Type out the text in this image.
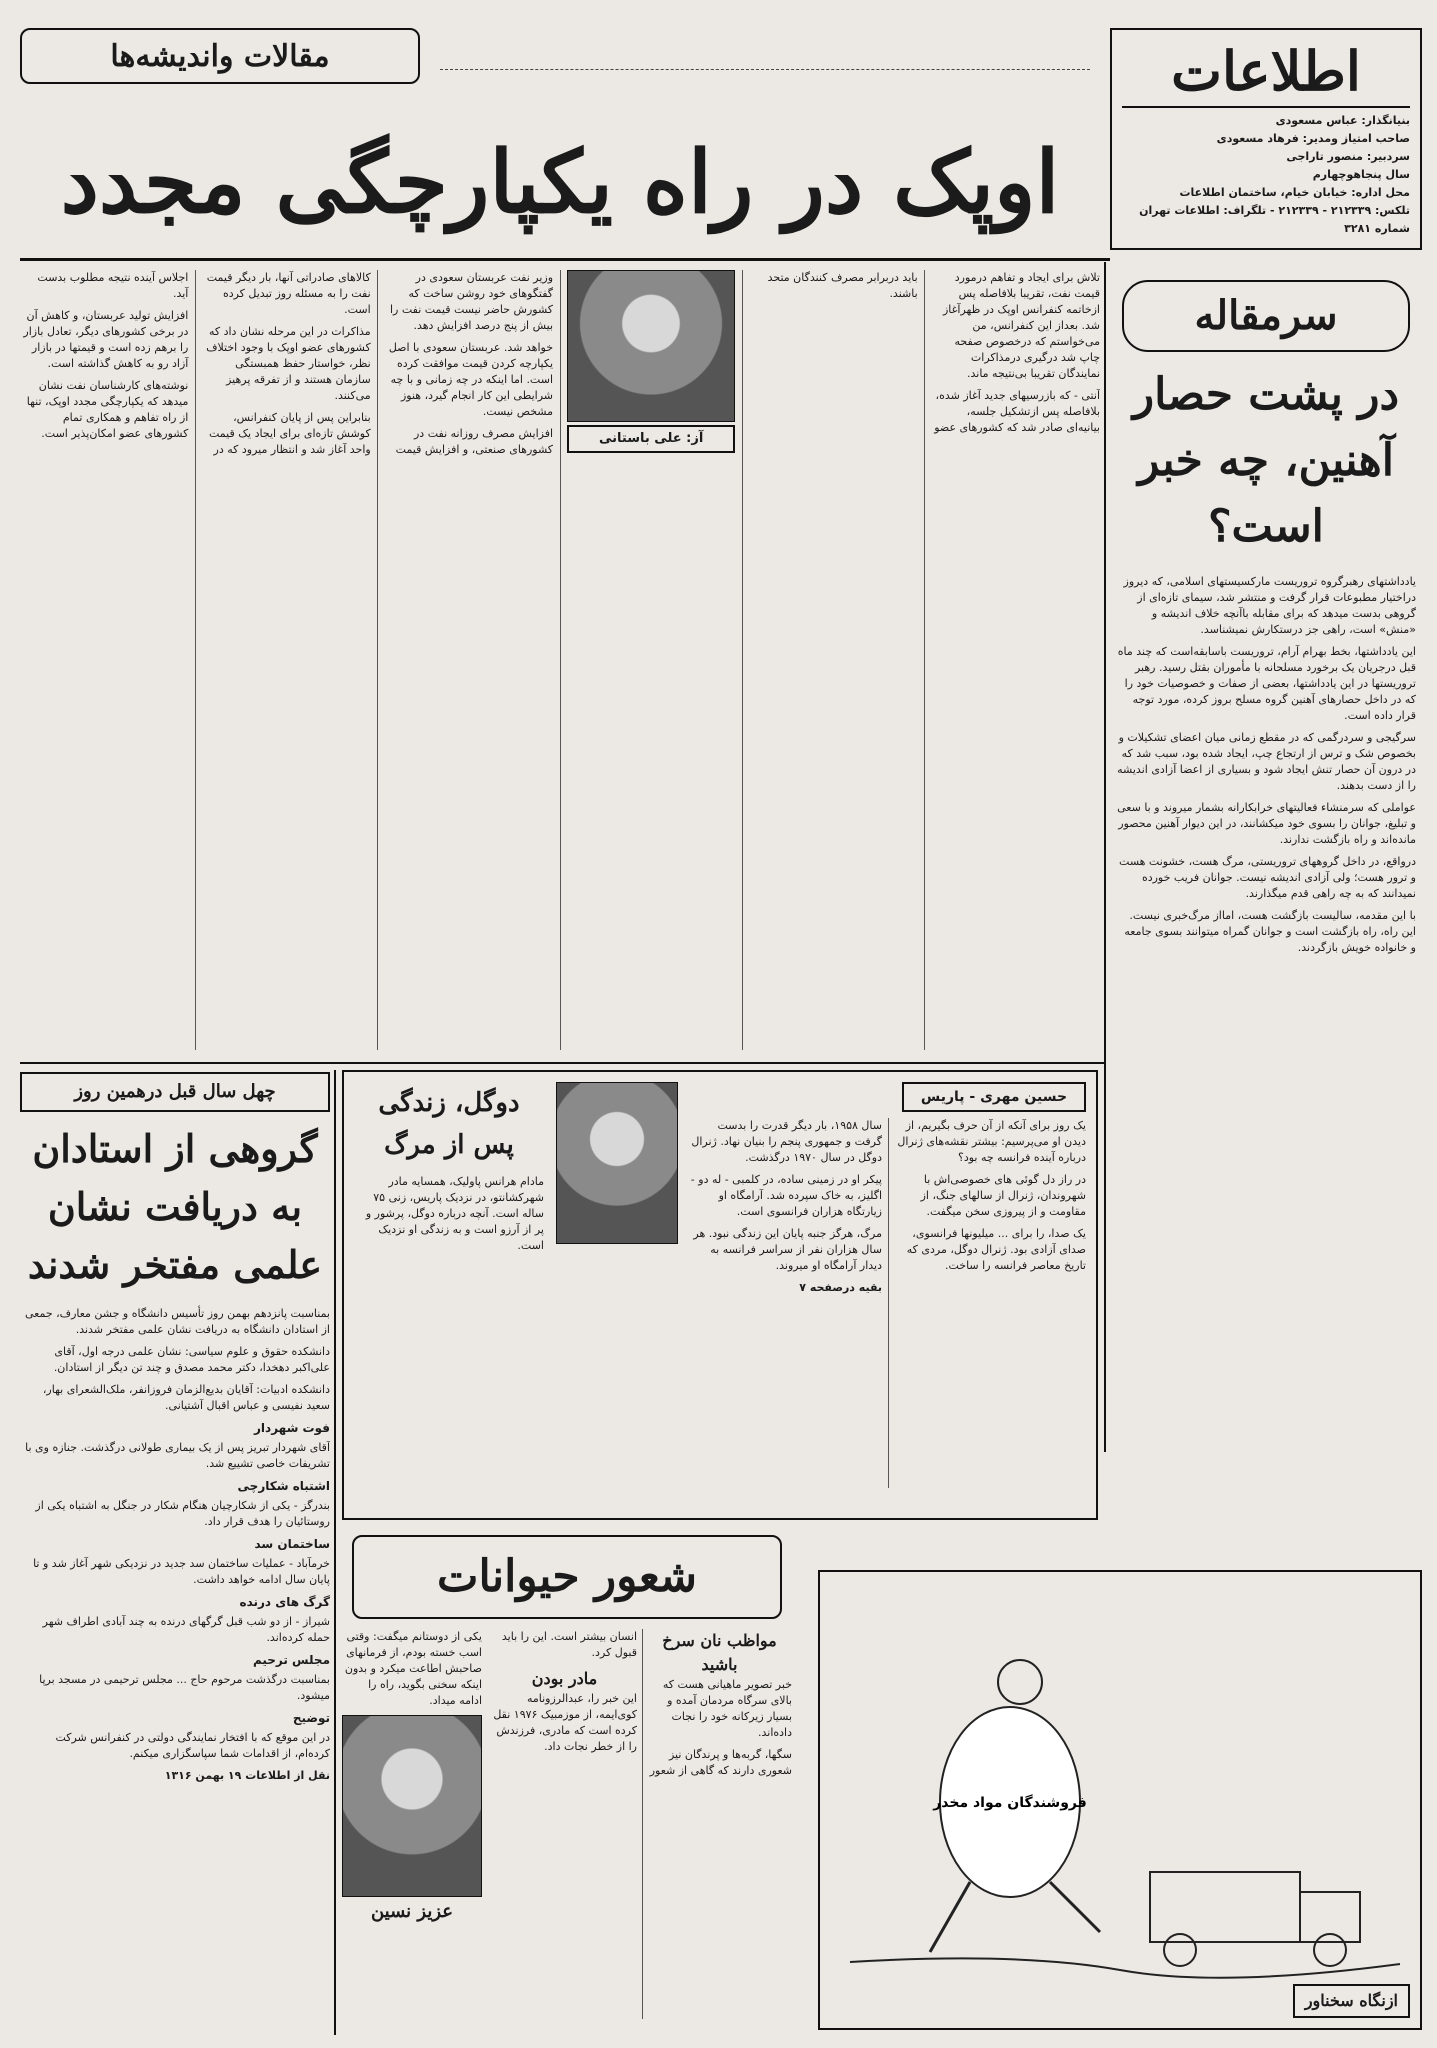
اطلاعات
بنیانگذار: عباس مسعودی
صاحب امتیاز ومدیر: فرهاد مسعودی
سردبیر: منصور تاراجی
سال پنجاهوچهارم
محل اداره: خیابان خیام، ساختمان اطلاعات
تلکس: ۲۱۲۳۳۹ - ۲۱۲۳۳۹ - تلگراف: اطلاعات تهران
شماره ۳۲۸۱
مقالات واندیشه‌ها
اوپک در راه یکپارچگی مجدد
سرمقاله
در پشت حصار آهنین، چه خبر است؟

یادداشتهای رهبرگروه تروریست مارکسیستهای اسلامی، که دیروز دراختیار مطبوعات قرار گرفت و منتشر شد، سیمای تازه‌ای از گروهی بدست میدهد که برای مقابله باآنچه خلاف اندیشه و «منش» است، راهی جز درستکارش نمیشناسد.

این یادداشتها، بخط بهرام آرام، تروریست باسابقه‌است که چند ماه قبل درجریان یک برخورد مسلحانه با مأموران بقتل رسید. رهبر تروریستها در این یادداشتها، بعضی از صفات و خصوصیات خود را که در داخل حصارهای آهنین گروه مسلح بروز کرده، مورد توجه قرار داده است.

سرگیجی و سردرگمی که در مقطع زمانی میان اعضای تشکیلات و بخصوص شک و ترس از ارتجاع چپ، ایجاد شده بود، سبب شد که در درون آن حصار تنش ایجاد شود و بسیاری از اعضا آزادی اندیشه را از دست بدهند.

عواملی که سرمنشاء فعالیتهای خرابکارانه بشمار میروند و با سعی و تبلیغ، جوانان را بسوی خود میکشانند، در این دیوار آهنین محصور مانده‌اند و راه بازگشت ندارند.

درواقع، در داخل گروههای تروریستی، مرگ هست، خشونت هست و ترور هست؛ ولی آزادی اندیشه نیست. جوانان فریب خورده نمیدانند که به چه راهی قدم میگذارند.

با این مقدمه، سالیست بازگشت هست، امااز مرگ‌خبری نیست. این راه، راه بازگشت است و جوانان گمراه میتوانند بسوی جامعه و خانواده خویش بازگردند.

تلاش برای ایجاد و تفاهم درمورد قیمت نفت، تقریبا بلافاصله پس ازخاتمه کنفرانس اوپک در ظهرآغاز شد. بعداز این کنفرانس، من می‌خواستم که درخصوص صفحه چاپ شد درگیری درمذاکرات نمایندگان تقریبا بی‌نتیجه ماند.

آنتی - که بازرسیهای جدید آغاز شده، بلافاصله پس ازتشکیل جلسه، بیانیه‌ای صادر شد که کشورهای عضو باید دربرابر مصرف کنندگان متحد باشند.

آز: علی باستانی

وزیر نفت عربستان سعودی در گفتگوهای خود روشن ساخت که کشورش حاضر نیست قیمت نفت را بیش از پنج درصد افزایش دهد.

خواهد شد. عربستان سعودی با اصل یکپارچه کردن قیمت موافقت کرده است. اما اینکه در چه زمانی و با چه شرایطی این کار انجام گیرد، هنوز مشخص نیست.

افزایش مصرف روزانه نفت در کشورهای صنعتی، و افزایش قیمت کالاهای صادراتی آنها، بار دیگر قیمت نفت را به مسئله روز تبدیل کرده است.

مذاکرات در این مرحله نشان داد که کشورهای عضو اوپک با وجود اختلاف نظر، خواستار حفظ همبستگی سازمان هستند و از تفرقه پرهیز می‌کنند.

بنابراین پس از پایان کنفرانس، کوشش تازه‌ای برای ایجاد یک قیمت واحد آغاز شد و انتظار میرود که در اجلاس آینده نتیجه مطلوب بدست آید.

افزایش تولید عربستان، و کاهش آن در برخی کشورهای دیگر، تعادل بازار را برهم زده است و قیمتها در بازار آزاد رو به کاهش گذاشته است.

نوشته‌های کارشناسان نفت نشان میدهد که یکپارچگی مجدد اوپک، تنها از راه تفاهم و همکاری تمام کشورهای عضو امکان‌پذیر است.

چهل سال قبل درهمین روز
گروهی از استادان به دریافت نشان علمی مفتخر شدند

بمناسبت پانزدهم بهمن روز تأسیس دانشگاه و جشن معارف، جمعی از استادان دانشگاه به دریافت نشان علمی مفتخر شدند.

دانشکده حقوق و علوم سیاسی: نشان علمی درجه اول، آقای علی‌اکبر دهخدا، دکتر محمد مصدق و چند تن دیگر از استادان.

دانشکده ادبیات: آقایان بدیع‌الزمان فروزانفر، ملک‌الشعرای بهار، سعید نفیسی و عباس اقبال آشتیانی.

فوت شهردار

آقای شهردار تبریز پس از یک بیماری طولانی درگذشت. جنازه وی با تشریفات خاصی تشییع شد.

اشتباه شکارچی

بندرگز - یکی از شکارچیان هنگام شکار در جنگل به اشتباه یکی از روستائیان را هدف قرار داد.

ساختمان سد

خرمآباد - عملیات ساختمان سد جدید در نزدیکی شهر آغاز شد و تا پایان سال ادامه خواهد داشت.

گرگ های درنده

شیراز - از دو شب قبل گرگهای درنده به چند آبادی اطراف شهر حمله کرده‌اند.

مجلس ترحیم

بمناسبت درگذشت مرحوم حاج ... مجلس ترحیمی در مسجد برپا میشود.

توضیح

در این موقع که با افتخار نمایندگی دولتی در کنفرانس شرکت کرده‌ام، از اقدامات شما سپاسگزاری میکنم.

نقل از اطلاعات ۱۹ بهمن ۱۳۱۶

دوگل، زندگی پس از مرگ
مادام هرانس پاولیک، همسایه مادر شهرکشانتو، در نزدیک پاریس، زنی ۷۵ ساله است. آنچه درباره دوگل، پرشور و پر از آرزو است و به زندگی او نزدیک است.
حسین مهری - پاریس

یک روز برای آنکه از آن حرف بگیریم، از دیدن او می‌پرسیم: بیشتر نقشه‌های ژنرال درباره آینده فرانسه چه بود؟

در راز دل گوئی های خصوصی‌اش با شهروندان، ژنرال از سالهای جنگ، از مقاومت و از پیروزی سخن میگفت.

یک صدا، را برای ... میلیونها فرانسوی، صدای آزادی بود. ژنرال دوگل، مردی که تاریخ معاصر فرانسه را ساخت.

سال ۱۹۵۸، بار دیگر قدرت را بدست گرفت و جمهوری پنجم را بنیان نهاد. ژنرال دوگل در سال ۱۹۷۰ درگذشت.

پیکر او در زمینی ساده، در کلمبی - له دو - اگلیز، به خاک سپرده شد. آرامگاه او زیارتگاه هزاران فرانسوی است.

مرگ، هرگز جنبه پایان این زندگی نبود. هر سال هزاران نفر از سراسر فرانسه به دیدار آرامگاه او میروند.

بقیه درصفحه ۷

شعور حیوانات
یکی از دوستانم میگفت: وقتی اسب خسته بودم، از فرمانهای صاحبش اطاعت میکرد و بدون اینکه سخنی بگوید، راه را ادامه میداد.
عزیز نسین
مواظب نان سرخ باشید

خبر تصویر ماهیانی هست که بالای سرگاه مردمان آمده و بسیار زیرکانه خود را نجات داده‌اند.

سگها، گربه‌ها و پرندگان نیز شعوری دارند که گاهی از شعور انسان بیشتر است. این را باید قبول کرد.

مادر بودن

این خبر را، عبدالرزونامه کوی‌ایمه، از موزمبیک ۱۹۷۶ نقل کرده است که مادری، فرزندش را از خطر نجات داد.

فروشندگان مواد مخدر
ازنگاه سخناور
